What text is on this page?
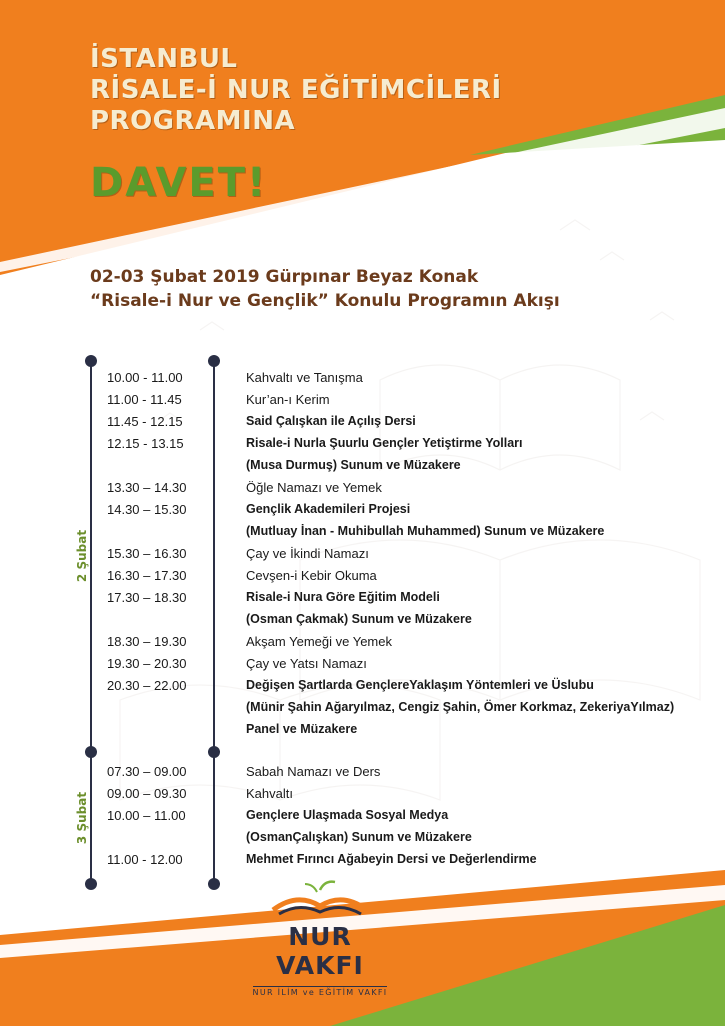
İSTANBUL
RİSALE-İ NUR EĞİTİMCİLERİ
PROGRAMINA
DAVET!
02-03 Şubat 2019 Gürpınar Beyaz Konak
“Risale-i Nur ve Gençlik” Konulu Programın Akışı
10.00 - 11.00	Kahvaltı ve Tanışma
11.00 - 11.45	Kur’an-ı Kerim
11.45 - 12.15	Said Çalışkan ile Açılış Dersi
12.15 - 13.15	Risale-i Nurla Şuurlu Gençler Yetiştirme Yolları
(Musa Durmuş) Sunum ve Müzakere
13.30 – 14.30	Öğle Namazı ve Yemek
14.30 – 15.30	Gençlik Akademileri Projesi
(Mutluay İnan - Muhibullah Muhammed) Sunum ve Müzakere
15.30 – 16.30	Çay ve İkindi Namazı
16.30 – 17.30	Cevşen-i Kebir Okuma
17.30 – 18.30	Risale-i Nura Göre Eğitim Modeli
(Osman Çakmak) Sunum ve Müzakere
18.30 – 19.30	Akşam Yemeği ve Yemek
19.30 – 20.30	Çay ve Yatsı Namazı
20.30 – 22.00	Değişen Şartlarda GençlereYaklaşım Yöntemleri ve Üslubu
(Münir Şahin Ağaryılmaz, Cengiz Şahin, Ömer Korkmaz, ZekeriyaYılmaz)
Panel ve Müzakere
2 Şubat
07.30 – 09.00	Sabah Namazı ve Ders
09.00 – 09.30	Kahvaltı
10.00 – 11.00	Gençlere Ulaşmada Sosyal Medya
(OsmanÇalışkan) Sunum ve Müzakere
11.00 - 12.00	Mehmet Fırıncı Ağabeyin Dersi ve Değerlendirme
3 Şubat
NUR VAKFI
NUR İLİM ve EĞİTİM VAKFI
